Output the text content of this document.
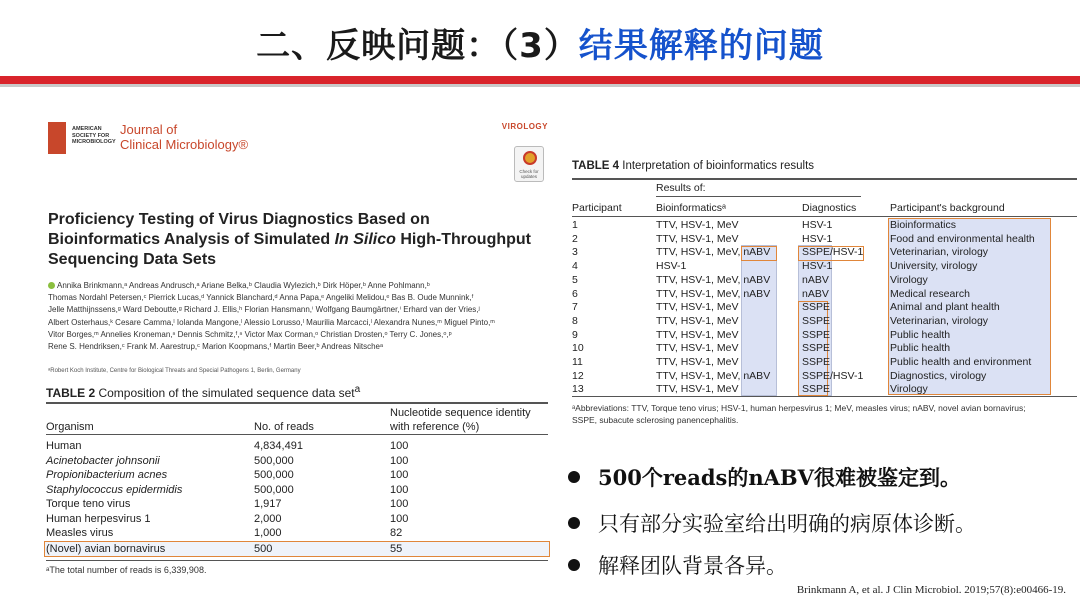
二、反映问题：（3）结果解释的问题
AMERICAN SOCIETY FOR MICROBIOLOGY
Journal of
Clinical Microbiology®
VIROLOGY
Check for updates
Proficiency Testing of Virus Diagnostics Based on
Bioinformatics Analysis of Simulated In Silico High-Throughput
Sequencing Data Sets
Annika Brinkmann,ᵃ Andreas Andrusch,ᵃ Ariane Belka,ᵇ Claudia Wylezich,ᵇ Dirk Höper,ᵇ Anne Pohlmann,ᵇ
Thomas Nordahl Petersen,ᶜ Pierrick Lucas,ᵈ Yannick Blanchard,ᵈ Anna Papa,ᵉ Angeliki Melidou,ᵉ Bas B. Oude Munnink,ᶠ
Jelle Matthijnssens,ᵍ Ward Deboutte,ᵍ Richard J. Ellis,ʰ Florian Hansmann,ⁱ Wolfgang Baumgärtner,ⁱ Erhard van der Vries,ʲ
Albert Osterhaus,ᵏ Cesare Camma,ˡ Iolanda Mangone,ˡ Alessio Lorusso,ˡ Maurilia Marcacci,ˡ Alexandra Nunes,ᵐ Miguel Pinto,ᵐ
Vitor Borges,ᵐ Annelies Kroneman,ⁿ Dennis Schmitz,ᶠ,ⁿ Victor Max Corman,ᵒ Christian Drosten,ᵒ Terry C. Jones,ᵒ,ᵖ
Rene S. Hendriksen,ᶜ Frank M. Aarestrup,ᶜ Marion Koopmans,ᶠ Martin Beer,ᵇ Andreas Nitscheᵃ
ᵃRobert Koch Institute, Centre for Biological Threats and Special Pathogens 1, Berlin, Germany
TABLE 2 Composition of the simulated sequence data set$^a$
Organism	No. of reads
Nucleotide sequence identity
with reference (%)
Human	4,834,491	100
Acinetobacter johnsonii	500,000	100
Propionibacterium acnes	500,000	100
Staphylococcus epidermidis	500,000	100
Torque teno virus	1,917	100
Human herpesvirus 1	2,000	100
Measles virus	1,000	82
(Novel) avian bornavirus	500	55
ᵃThe total number of reads is 6,339,908.
TABLE 4 Interpretation of bioinformatics results
Results of:
Participant	Bioinformaticsᵃ	Diagnostics	Participant's background
1	TTV, HSV-1, MeV	HSV-1	Bioinformatics
2	TTV, HSV-1, MeV	HSV-1	Food and environmental health
3	TTV, HSV-1, MeV, nABV	SSPE/HSV-1	Veterinarian, virology
4	HSV-1	HSV-1	University, virology
5	TTV, HSV-1, MeV, nABV	nABV	Virology
6	TTV, HSV-1, MeV, nABV	nABV	Medical research
7	TTV, HSV-1, MeV	SSPE	Animal and plant health
8	TTV, HSV-1, MeV	SSPE	Veterinarian, virology
9	TTV, HSV-1, MeV	SSPE	Public health
10	TTV, HSV-1, MeV	SSPE	Public health
11	TTV, HSV-1, MeV	SSPE	Public health and environment
12	TTV, HSV-1, MeV, nABV	SSPE/HSV-1	Diagnostics, virology
13	TTV, HSV-1, MeV	SSPE	Virology
ᵃAbbreviations: TTV, Torque teno virus; HSV-1, human herpesvirus 1; MeV, measles virus; nABV, novel avian bornavirus; SSPE, subacute sclerosing panencephalitis.
500个reads的nABV很难被鉴定到。
只有部分实验室给出明确的病原体诊断。
解释团队背景各异。
Brinkmann A, et al. J Clin Microbiol. 2019;57(8):e00466-19.
